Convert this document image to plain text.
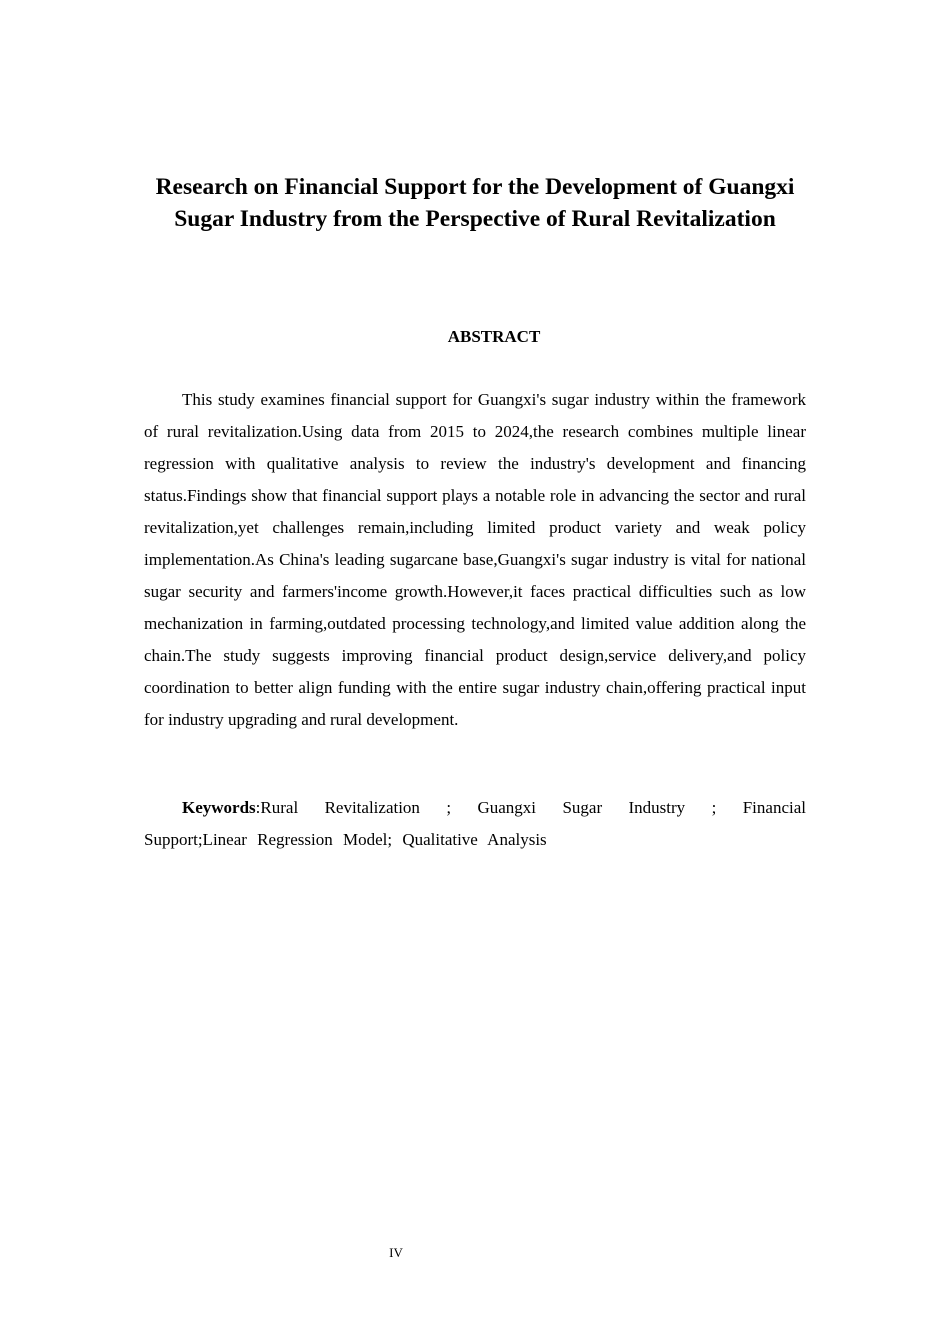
Research on Financial Support for the Development of Guangxi Sugar Industry from the Perspective of Rural Revitalization
ABSTRACT

This study examines financial support for Guangxi's sugar industry within the framework of rural revitalization.Using data from 2015 to 2024,the research combines multiple linear regression with qualitative analysis to review the industry's development and financing status.Findings show that financial support plays a notable role in advancing the sector and rural revitalization,yet challenges remain,including limited product variety and weak policy implementation.As China's leading sugarcane base,Guangxi's sugar industry is vital for national sugar security and farmers'income growth.However,it faces practical difficulties such as low mechanization in farming,outdated processing technology,and limited value addition along the chain.The study suggests improving financial product design,service delivery,and policy coordination to better align funding with the entire sugar industry chain,offering practical input for industry upgrading and rural development.

Keywords:Rural Revitalization ; Guangxi Sugar Industry ; Financial Support;Linear Regression Model; Qualitative Analysis

IV
